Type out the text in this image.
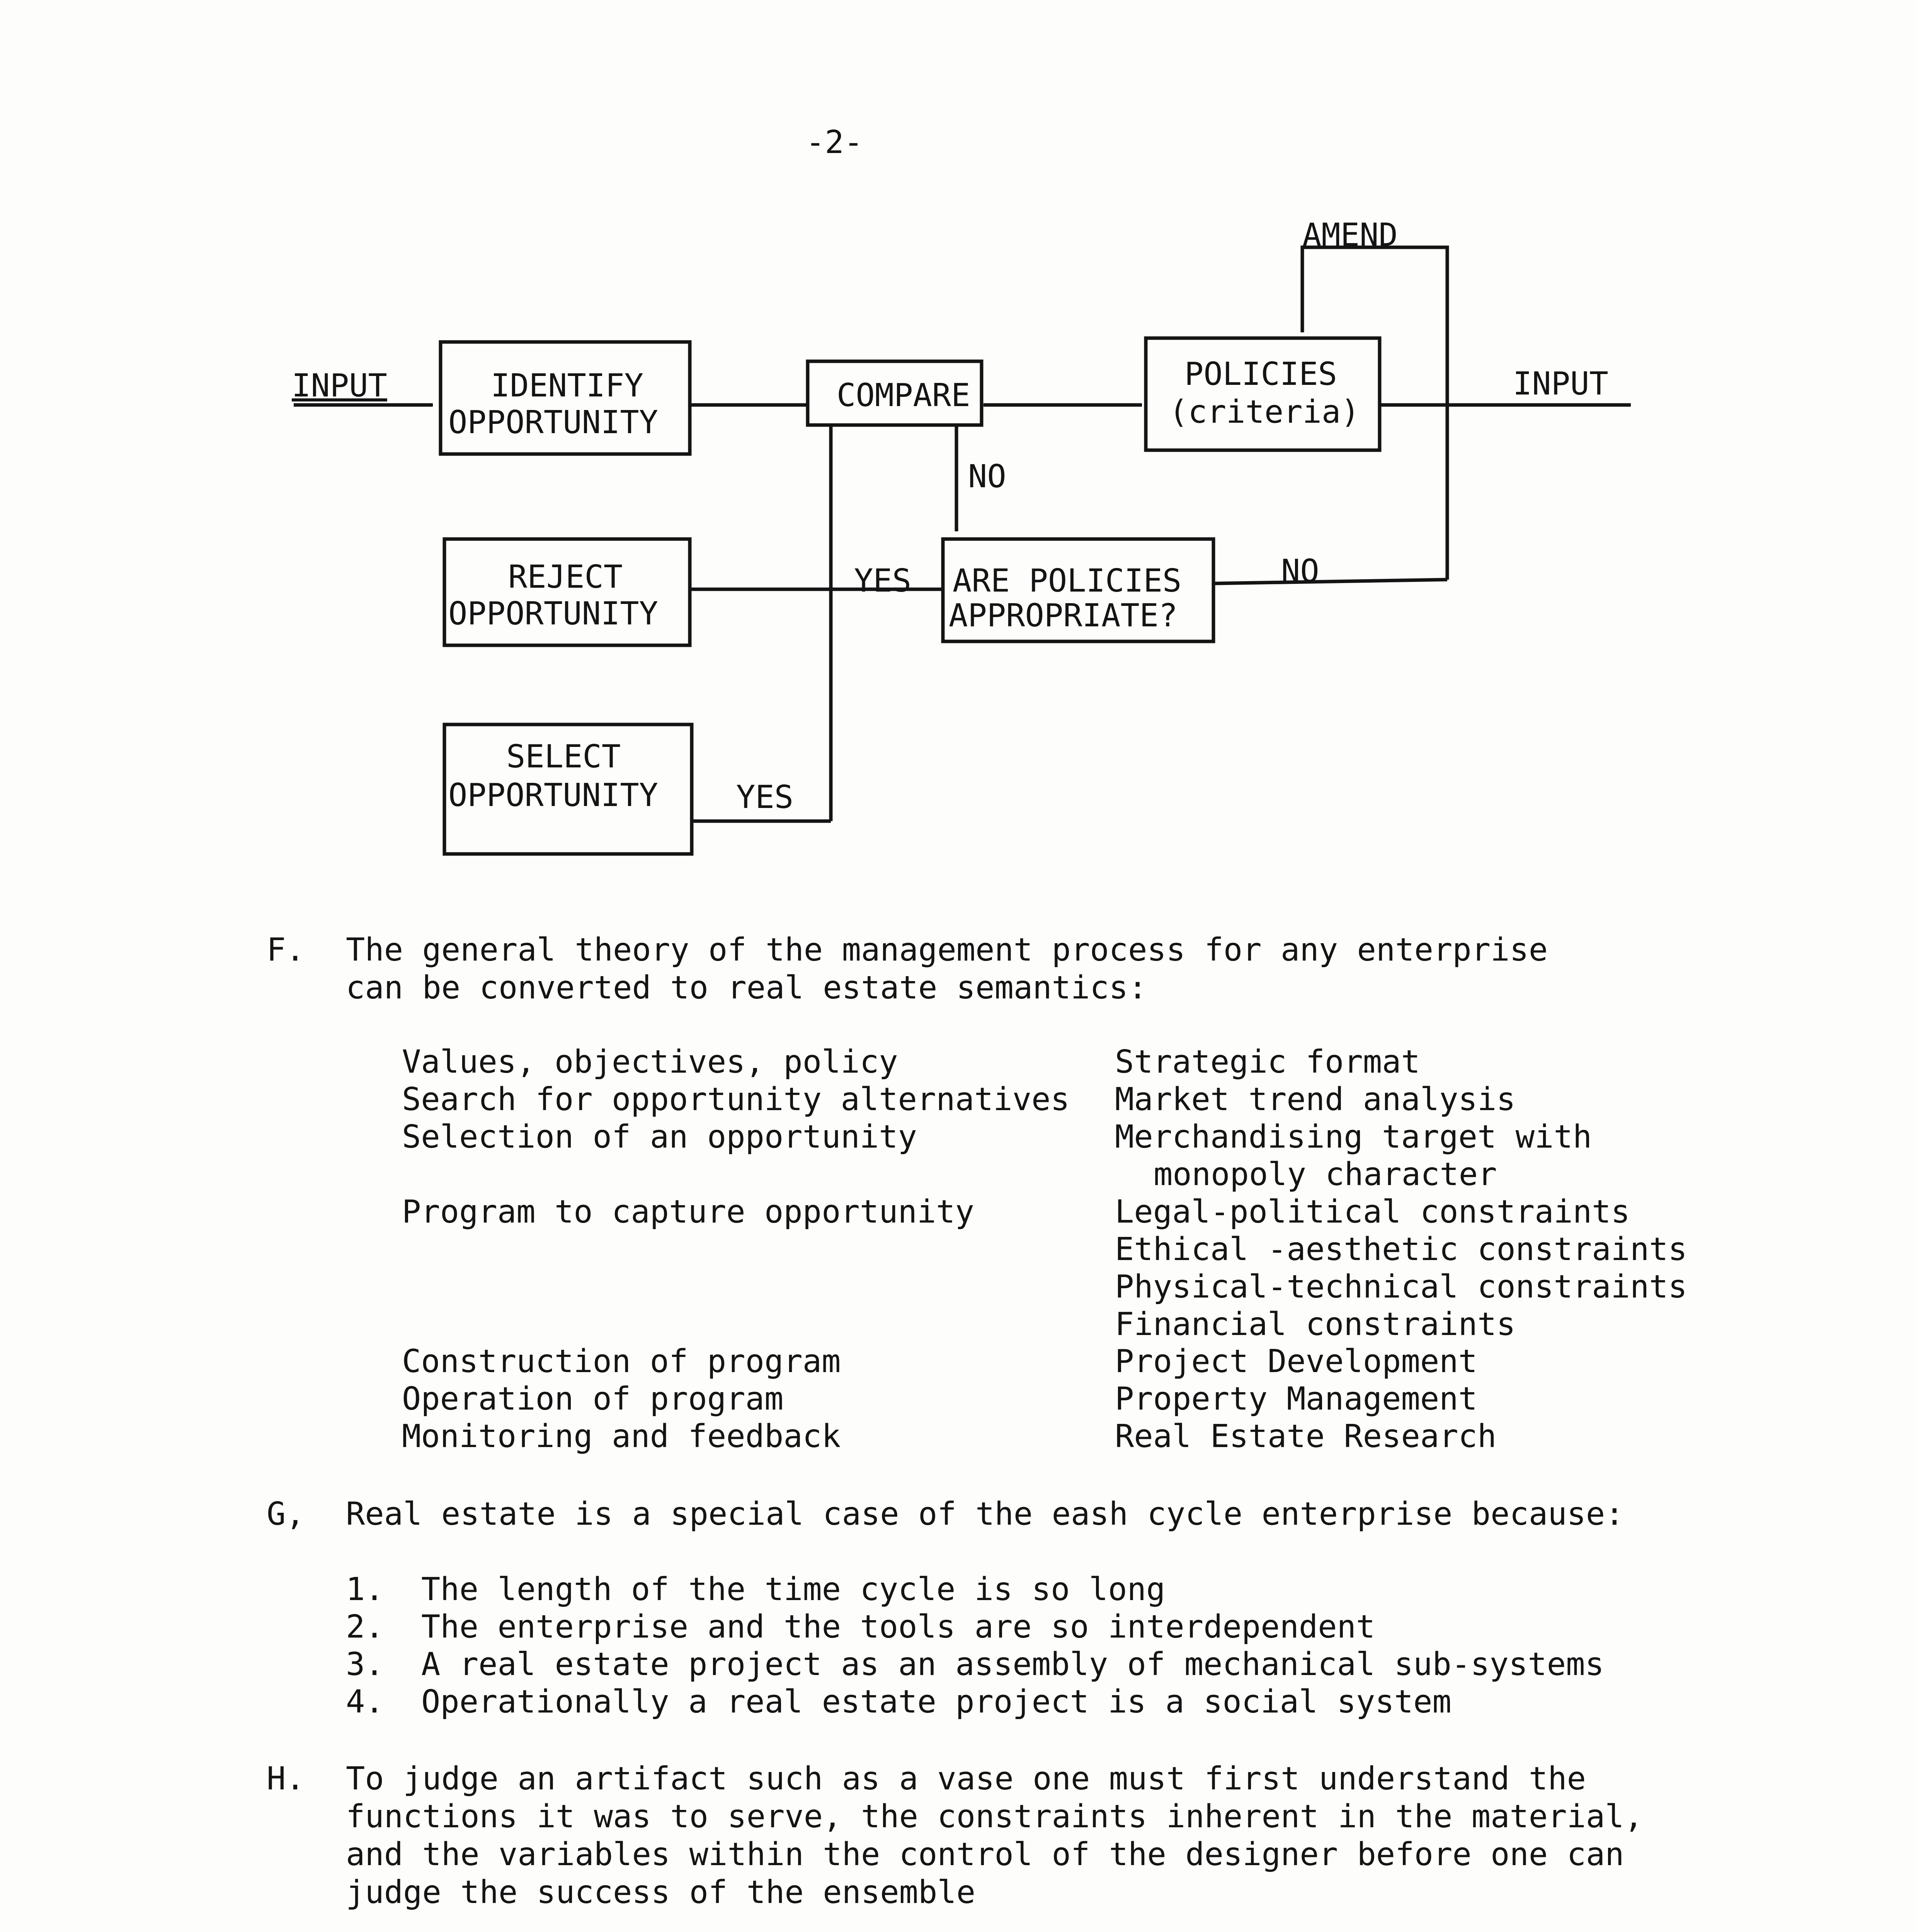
-2-
IDENTIFY
OPPORTUNITY
COMPARE
POLICIES
(criteria)
REJECT
OPPORTUNITY
ARE POLICIES
APPROPRIATE?
SELECT
OPPORTUNITY
INPUT	INPUT
AMEND
NO
YES	NO
YES
F. The general theory of the management process for any enterprise
can be converted to real estate semantics:
Values, objectives, policy
Search for opportunity alternatives
Selection of an opportunity
Program to capture opportunity
Construction of program
Operation of program
Monitoring and feedback
Strategic format
Market trend analysis
Merchandising target with
monopoly character
Legal-political constraints
Ethical -aesthetic constraints
Physical-technical constraints
Financial constraints
Project Development
Property Management
Real Estate Research
G, Real estate is a special case of the eash cycle enterprise because:
1. The length of the time cycle is so long
2. The enterprise and the tools are so interdependent
3. A real estate project as an assembly of mechanical sub-systems
4. Operationally a real estate project is a social system
H. To judge an artifact such as a vase one must first understand the
functions it was to serve, the constraints inherent in the material,
and the variables within the control of the designer before one can
judge the success of the ensemble
